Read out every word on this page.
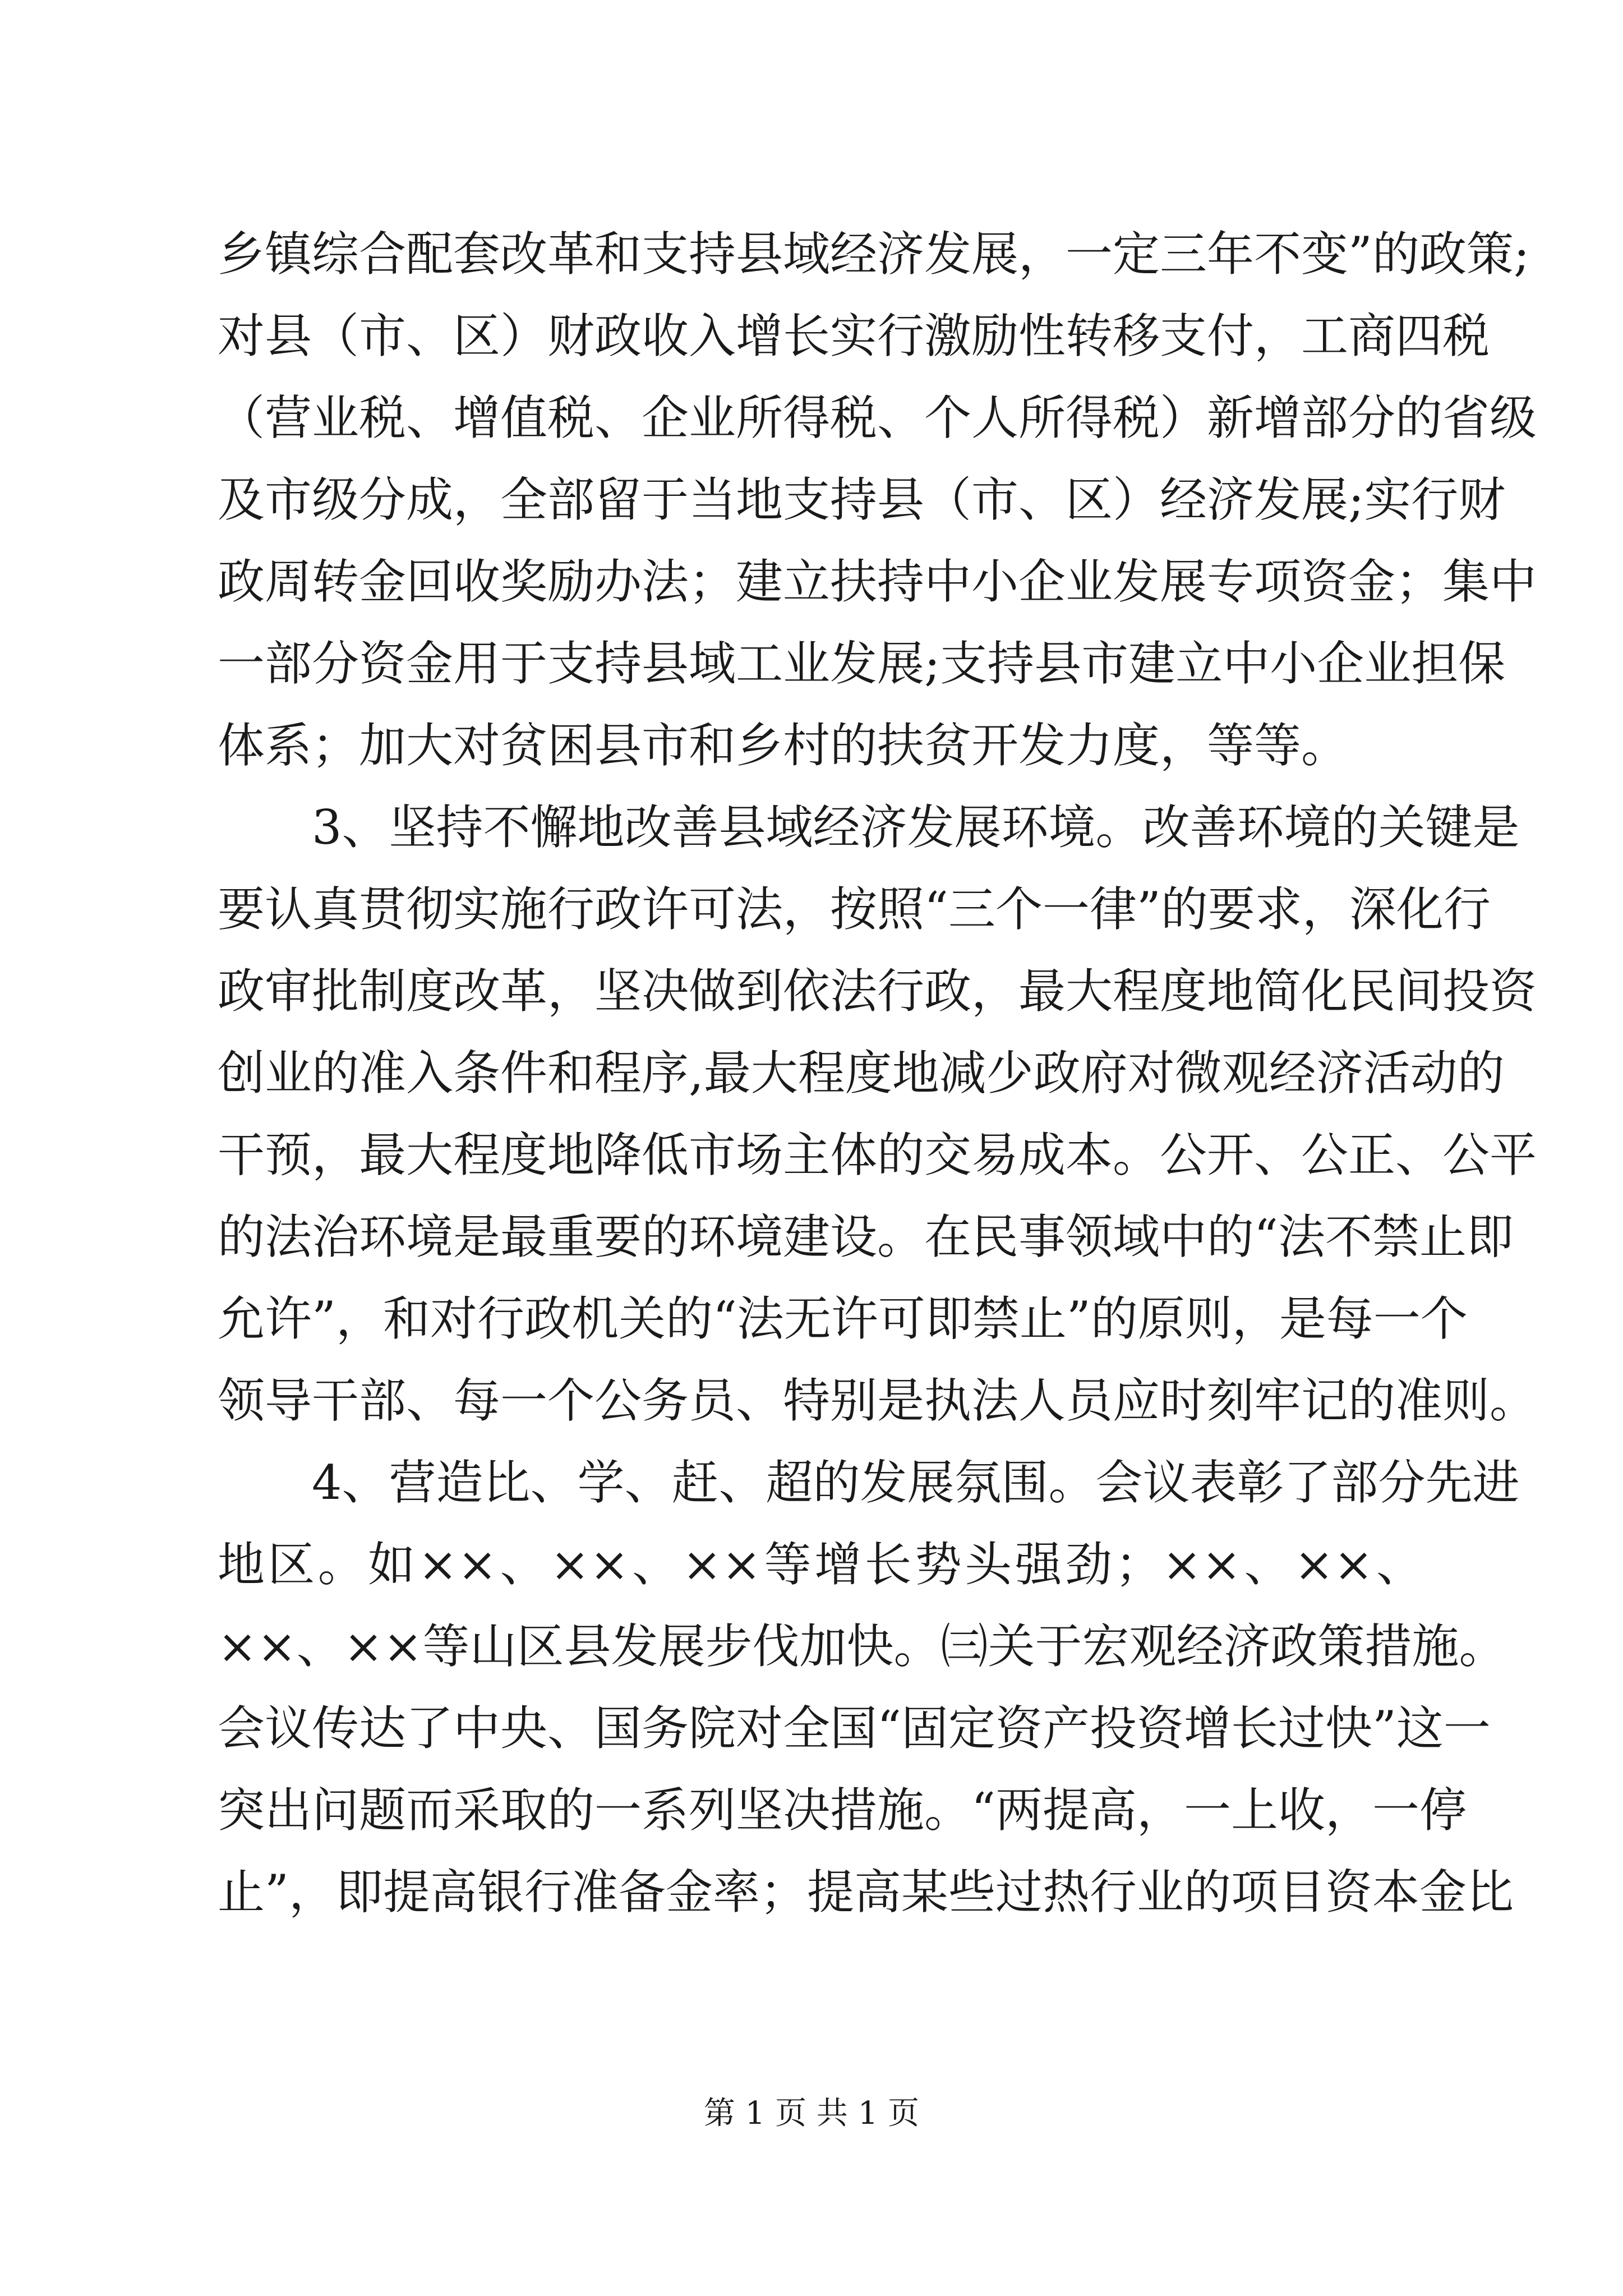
乡镇综合配套改革和支持县域经济发展，一定三年不变”的政策;
对县（市、区）财政收入增长实行激励性转移支付，工商四税
（营业税、增值税、企业所得税、个人所得税）新增部分的省级
及市级分成，全部留于当地支持县（市、区）经济发展;实行财
政周转金回收奖励办法；建立扶持中小企业发展专项资金；集中
一部分资金用于支持县域工业发展;支持县市建立中小企业担保
体系；加大对贫困县市和乡村的扶贫开发力度，等等。
3、坚持不懈地改善县域经济发展环境。改善环境的关键是
要认真贯彻实施行政许可法，按照“三个一律”的要求，深化行
政审批制度改革，坚决做到依法行政，最大程度地简化民间投资
创业的准入条件和程序,最大程度地减少政府对微观经济活动的
干预，最大程度地降低市场主体的交易成本。公开、公正、公平
的法治环境是最重要的环境建设。在民事领域中的“法不禁止即
允许”，和对行政机关的“法无许可即禁止”的原则，是每一个
领导干部、每一个公务员、特别是执法人员应时刻牢记的准则。
4、营造比、学、赶、超的发展氛围。会议表彰了部分先进
地区。如××、××、××等增长势头强劲；××、××、
××、××等山区县发展步伐加快。㈢关于宏观经济政策措施。
会议传达了中央、国务院对全国“固定资产投资增长过快”这一
突出问题而采取的一系列坚决措施。“两提高，一上收，一停
止”，即提高银行准备金率；提高某些过热行业的项目资本金比
第 1 页 共 1 页
